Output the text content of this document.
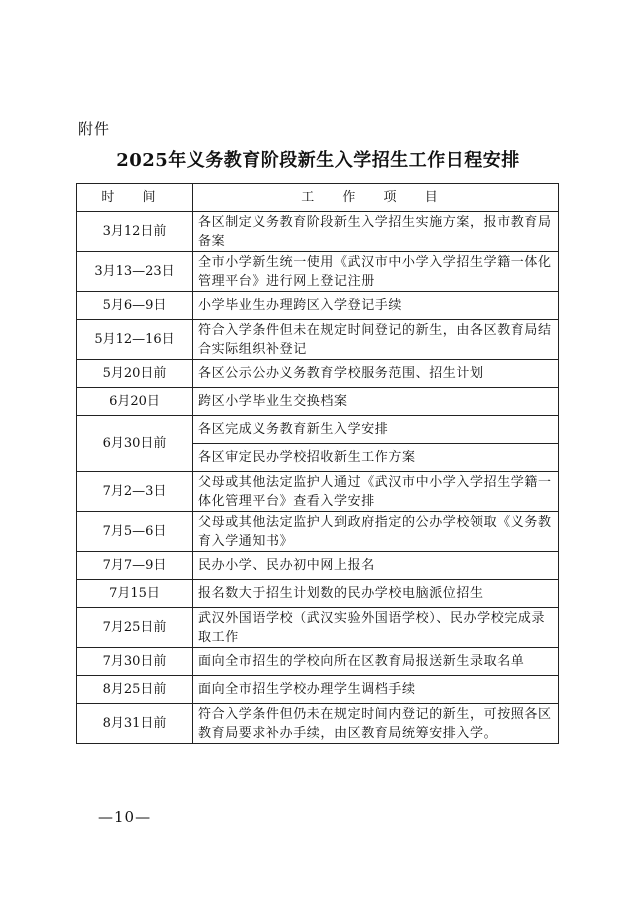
附件
2025年义务教育阶段新生入学招生工作日程安排
时 间	工 作 项 目
3月12日前	各区制定义务教育阶段新生入学招生实施方案，报市教育局备案
3月13—23日	全市小学新生统一使用《武汉市中小学入学招生学籍一体化管理平台》进行网上登记注册
5月6—9日	小学毕业生办理跨区入学登记手续
5月12—16日	符合入学条件但未在规定时间登记的新生，由各区教育局结合实际组织补登记
5月20日前	各区公示公办义务教育学校服务范围、招生计划
6月20日	跨区小学毕业生交换档案
6月30日前	各区完成义务教育新生入学安排
	各区审定民办学校招收新生工作方案
7月2—3日	父母或其他法定监护人通过《武汉市中小学入学招生学籍一体化管理平台》查看入学安排
7月5—6日	父母或其他法定监护人到政府指定的公办学校领取《义务教育入学通知书》
7月7—9日	民办小学、民办初中网上报名
7月15日	报名数大于招生计划数的民办学校电脑派位招生
7月25日前	武汉外国语学校（武汉实验外国语学校）、民办学校完成录取工作
7月30日前	面向全市招生的学校向所在区教育局报送新生录取名单
8月25日前	面向全市招生学校办理学生调档手续
8月31日前	符合入学条件但仍未在规定时间内登记的新生，可按照各区教育局要求补办手续，由区教育局统筹安排入学。
—10—
